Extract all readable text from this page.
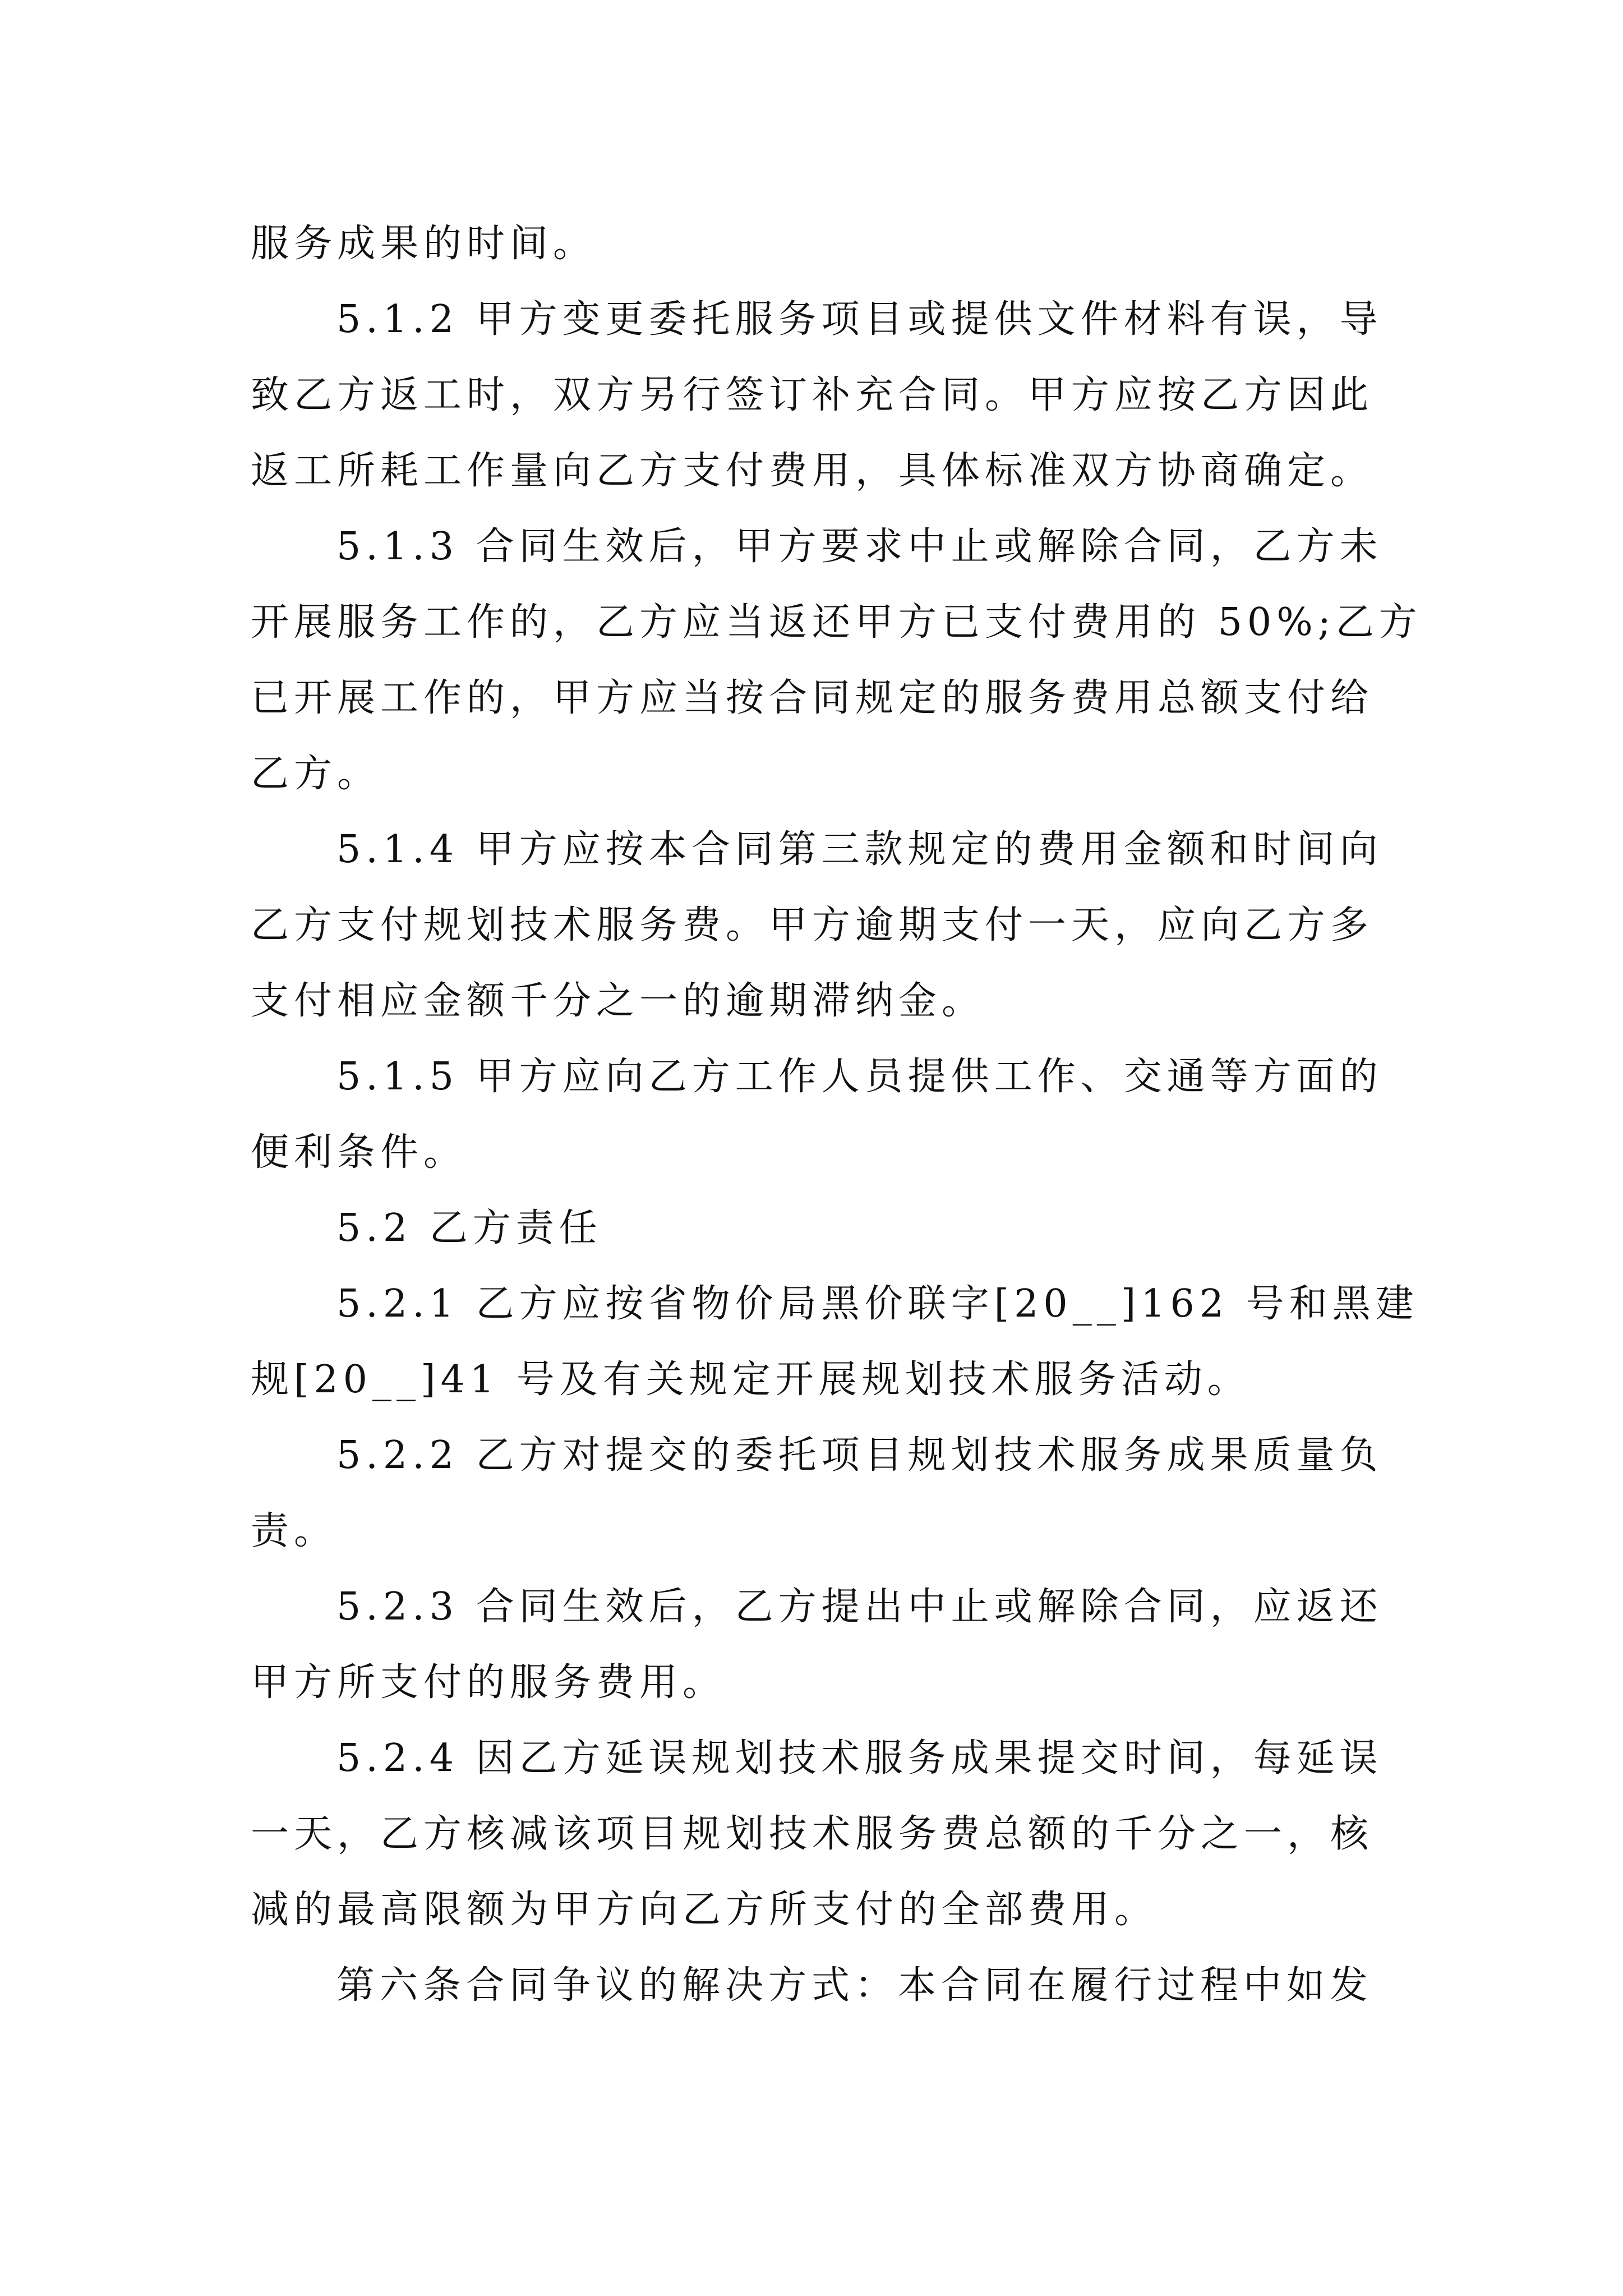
服务成果的时间。

5.1.2 甲方变更委托服务项目或提供文件材料有误，导

致乙方返工时，双方另行签订补充合同。甲方应按乙方因此

返工所耗工作量向乙方支付费用，具体标准双方协商确定。

5.1.3 合同生效后，甲方要求中止或解除合同，乙方未

开展服务工作的，乙方应当返还甲方已支付费用的 50%;乙方

已开展工作的，甲方应当按合同规定的服务费用总额支付给

乙方。

5.1.4 甲方应按本合同第三款规定的费用金额和时间向

乙方支付规划技术服务费。甲方逾期支付一天，应向乙方多

支付相应金额千分之一的逾期滞纳金。

5.1.5 甲方应向乙方工作人员提供工作、交通等方面的

便利条件。

5.2 乙方责任

5.2.1 乙方应按省物价局黑价联字[20__]162 号和黑建

规[20__]41 号及有关规定开展规划技术服务活动。

5.2.2 乙方对提交的委托项目规划技术服务成果质量负

责。

5.2.3 合同生效后，乙方提出中止或解除合同，应返还

甲方所支付的服务费用。

5.2.4 因乙方延误规划技术服务成果提交时间，每延误

一天，乙方核减该项目规划技术服务费总额的千分之一，核

减的最高限额为甲方向乙方所支付的全部费用。

第六条合同争议的解决方式：本合同在履行过程中如发
